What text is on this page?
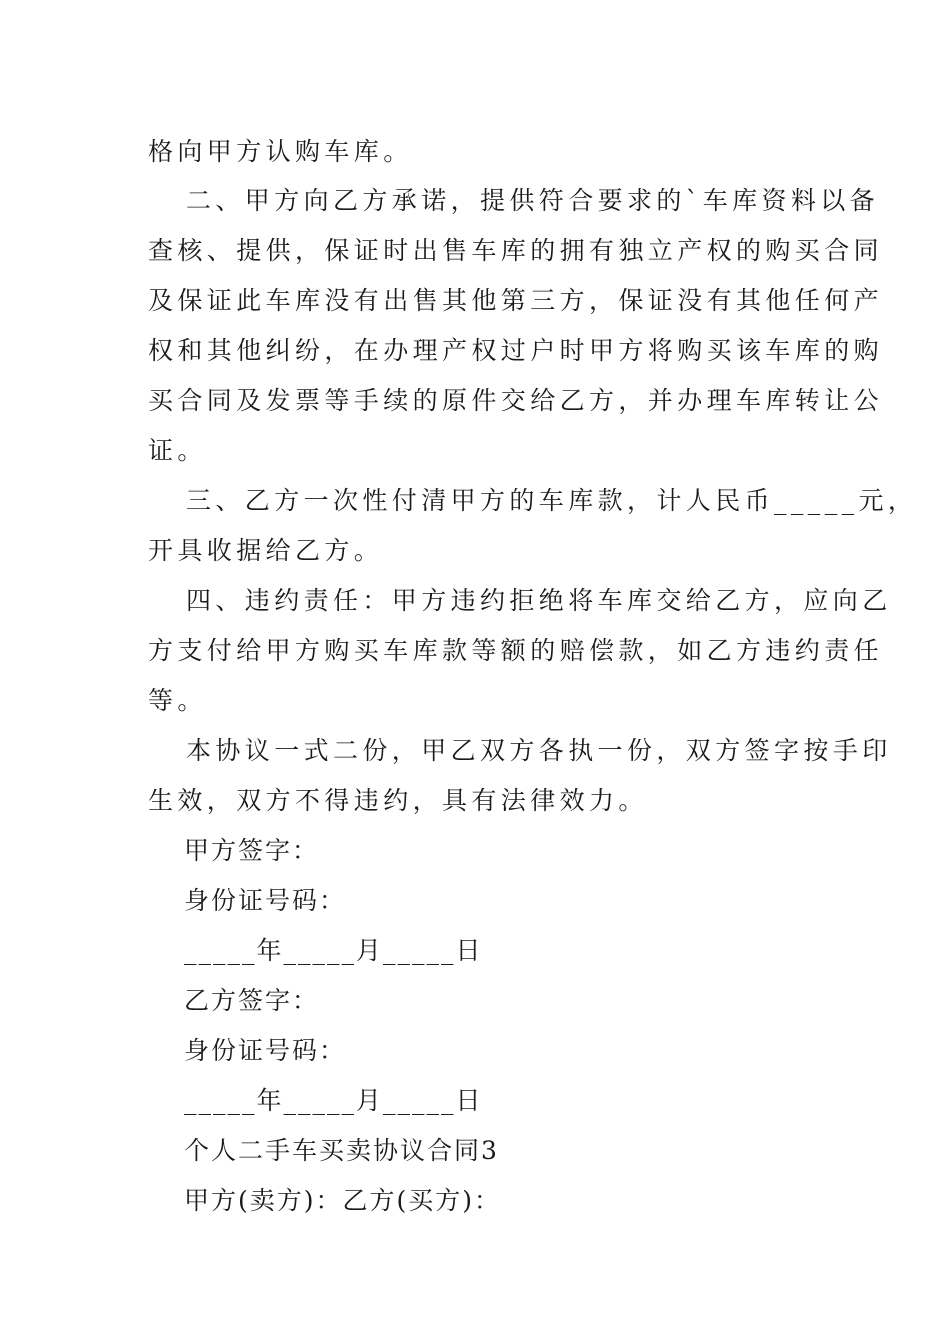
格向甲方认购车库。
二、甲方向乙方承诺，提供符合要求的`车库资料以备
查核、提供，保证时出售车库的拥有独立产权的购买合同
及保证此车库没有出售其他第三方，保证没有其他任何产
权和其他纠纷，在办理产权过户时甲方将购买该车库的购
买合同及发票等手续的原件交给乙方，并办理车库转让公
证。
三、乙方一次性付清甲方的车库款，计人民币_____元，
开具收据给乙方。
四、违约责任：甲方违约拒绝将车库交给乙方，应向乙
方支付给甲方购买车库款等额的赔偿款，如乙方违约责任
等。
本协议一式二份，甲乙双方各执一份，双方签字按手印
生效，双方不得违约，具有法律效力。
甲方签字：
身份证号码：
_____年_____月_____日
乙方签字：
身份证号码：
_____年_____月_____日
个人二手车买卖协议合同3
甲方(卖方)：乙方(买方)：
